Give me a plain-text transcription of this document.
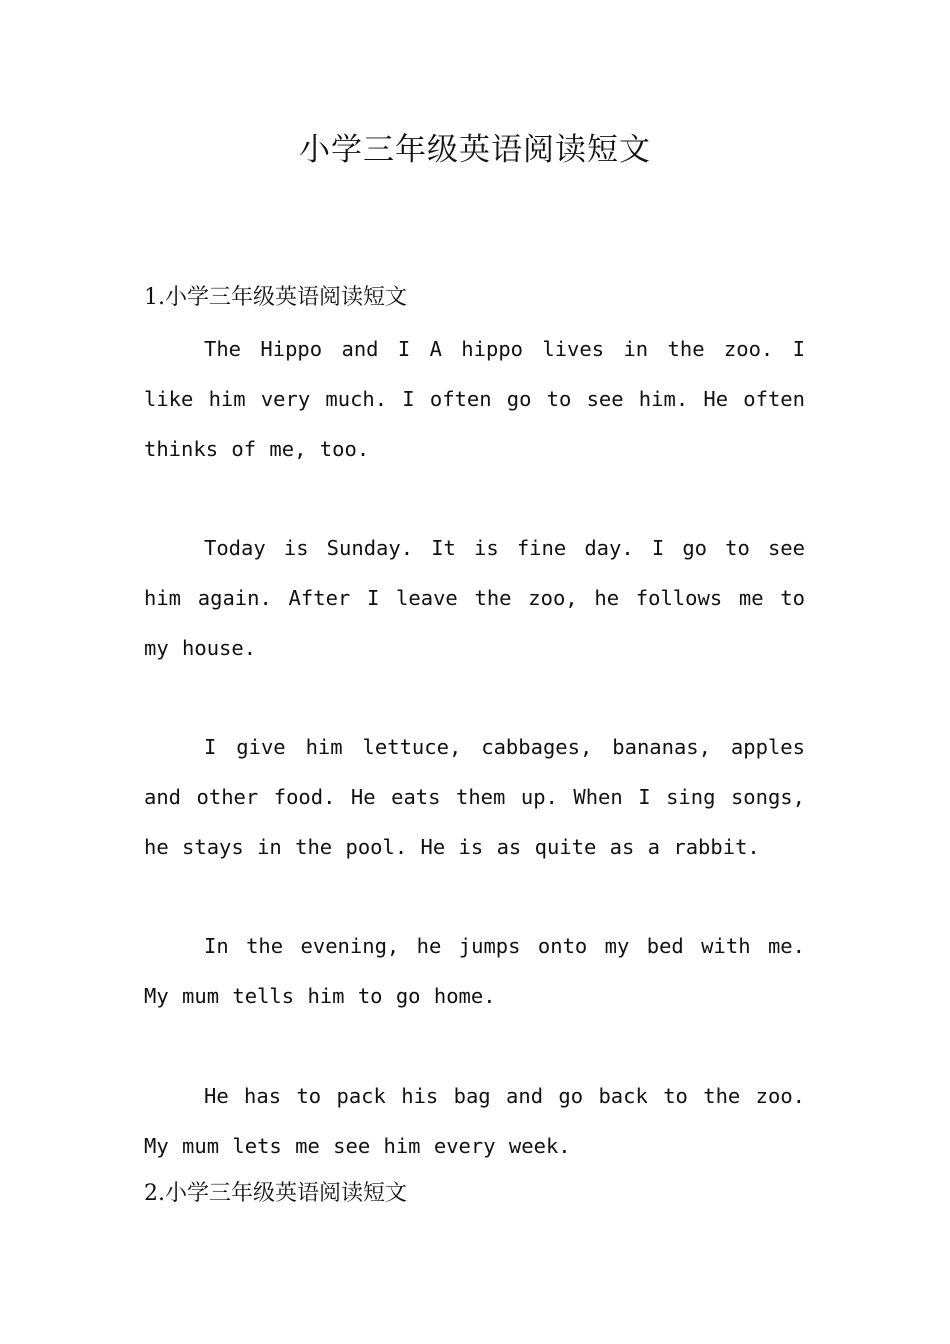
小学三年级英语阅读短文
1.小学三年级英语阅读短文

The Hippo and I A hippo lives in the zoo. I like him very much. I often go to see him. He often thinks of me, too.

Today is Sunday. It is fine day. I go to see him again. After I leave the zoo, he follows me to my house.

I give him lettuce, cabbages, bananas, apples and other food. He eats them up. When I sing songs, he stays in the pool. He is as quite as a rabbit.

In the evening, he jumps onto my bed with me. My mum tells him to go home.

He has to pack his bag and go back to the zoo. My mum lets me see him every week.

2.小学三年级英语阅读短文
